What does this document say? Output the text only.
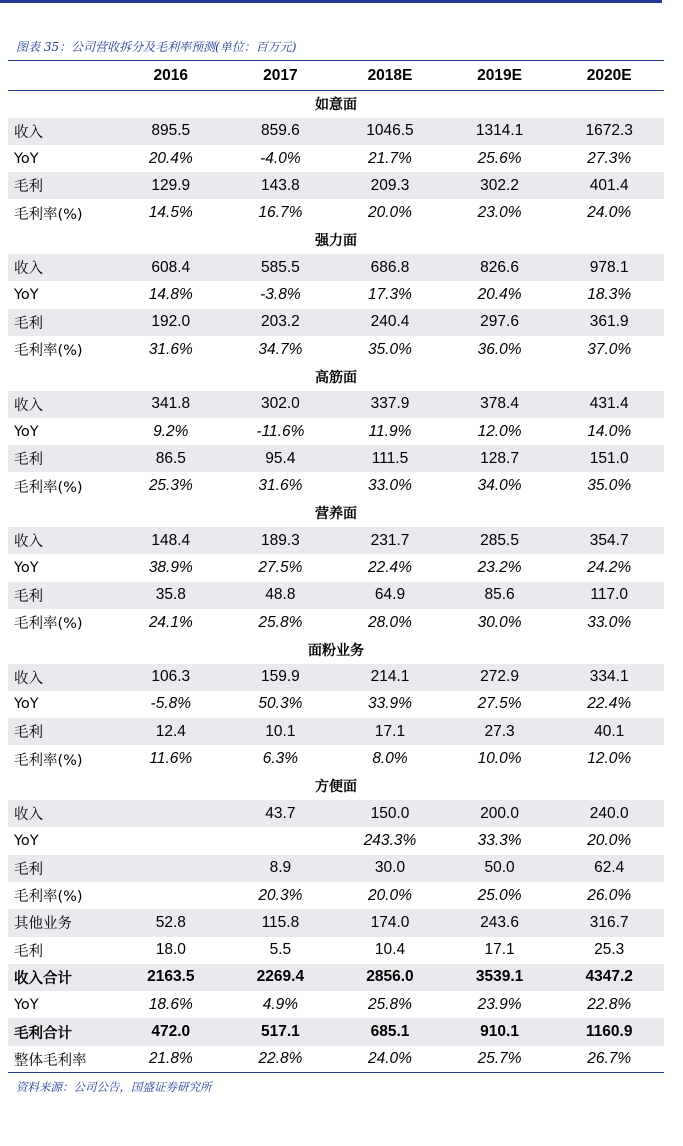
图表 35：公司营收拆分及毛利率预测(单位：百万元)
	2016	2017	2018E	2019E	2020E
如意面					
收入	895.5	859.6	1046.5	1314.1	1672.3
YoY	20.4%	-4.0%	21.7%	25.6%	27.3%
毛利	129.9	143.8	209.3	302.2	401.4
毛利率(%)	14.5%	16.7%	20.0%	23.0%	24.0%
强力面					
收入	608.4	585.5	686.8	826.6	978.1
YoY	14.8%	-3.8%	17.3%	20.4%	18.3%
毛利	192.0	203.2	240.4	297.6	361.9
毛利率(%)	31.6%	34.7%	35.0%	36.0%	37.0%
高筋面					
收入	341.8	302.0	337.9	378.4	431.4
YoY	9.2%	-11.6%	11.9%	12.0%	14.0%
毛利	86.5	95.4	111.5	128.7	151.0
毛利率(%)	25.3%	31.6%	33.0%	34.0%	35.0%
营养面					
收入	148.4	189.3	231.7	285.5	354.7
YoY	38.9%	27.5%	22.4%	23.2%	24.2%
毛利	35.8	48.8	64.9	85.6	117.0
毛利率(%)	24.1%	25.8%	28.0%	30.0%	33.0%
面粉业务					
收入	106.3	159.9	214.1	272.9	334.1
YoY	-5.8%	50.3%	33.9%	27.5%	22.4%
毛利	12.4	10.1	17.1	27.3	40.1
毛利率(%)	11.6%	6.3%	8.0%	10.0%	12.0%
方便面					
收入		43.7	150.0	200.0	240.0
YoY			243.3%	33.3%	20.0%
毛利		8.9	30.0	50.0	62.4
毛利率(%)		20.3%	20.0%	25.0%	26.0%
其他业务	52.8	115.8	174.0	243.6	316.7
毛利	18.0	5.5	10.4	17.1	25.3
收入合计	2163.5	2269.4	2856.0	3539.1	4347.2
YoY	18.6%	4.9%	25.8%	23.9%	22.8%
毛利合计	472.0	517.1	685.1	910.1	1160.9
整体毛利率	21.8%	22.8%	24.0%	25.7%	26.7%
资料来源：公司公告，国盛证券研究所
